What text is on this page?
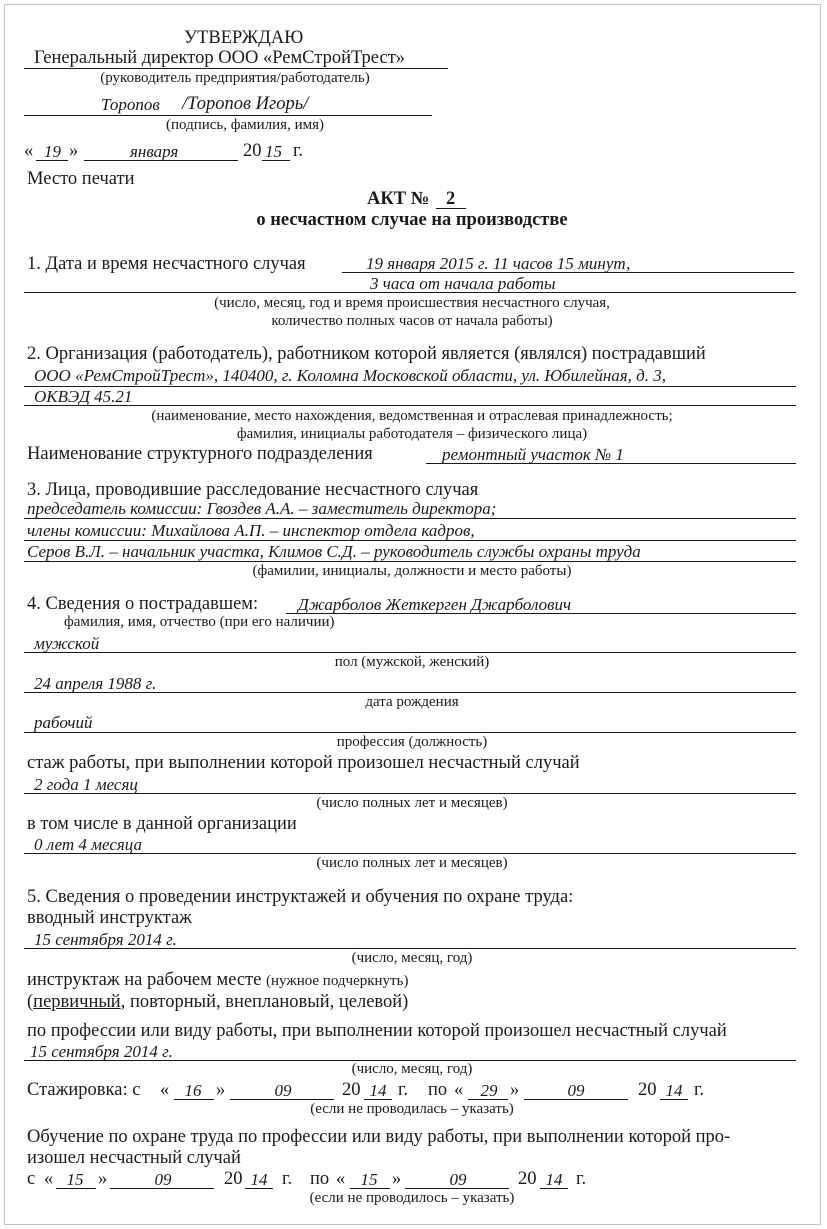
УТВЕРЖДАЮ
Генеральный директор ООО «РемСтройТрест»
(руководитель предприятия/работодатель)
Торопов /Торопов Игорь/
(подпись, фамилия, имя)
« 19 »	января	20 15 г.
Место печати
АКТ № 2
о несчастном случае на производстве
1. Дата и время несчастного случая	19 января 2015 г. 11 часов 15 минут,
3 часа от начала работы
(число, месяц, год и время происшествия несчастного случая,
количество полных часов от начала работы)
2. Организация (работодатель), работником которой является (являлся) пострадавший
ООО «РемСтройТрест», 140400, г. Коломна Московской области, ул. Юбилейная, д. 3,
ОКВЭД 45.21
(наименование, место нахождения, ведомственная и отраслевая принадлежность;
фамилия, инициалы работодателя – физического лица)
Наименование структурного подразделения	ремонтный участок № 1
3. Лица, проводившие расследование несчастного случая
председатель комиссии: Гвоздев А.А. – заместитель директора;
члены комиссии: Михайлова А.П. – инспектор отдела кадров,
Серов В.Л. – начальник участка, Климов С.Д. – руководитель службы охраны труда
(фамилии, инициалы, должности и место работы)
4. Сведения о пострадавшем: Джарболов Жеткерген Джарболович
фамилия, имя, отчество (при его наличии)
мужской
пол (мужской, женский)
24 апреля 1988 г.
дата рождения
рабочий
профессия (должность)
стаж работы, при выполнении которой произошел несчастный случай
2 года 1 месяц
(число полных лет и месяцев)
в том числе в данной организации
0 лет 4 месяца
(число полных лет и месяцев)
5. Сведения о проведении инструктажей и обучения по охране труда:
вводный инструктаж
15 сентября 2014 г.
(число, месяц, год)
инструктаж на рабочем месте (нужное подчеркнуть)
(первичный, повторный, внеплановый, целевой)
по профессии или виду работы, при выполнении которой произошел несчастный случай
15 сентября 2014 г.
(число, месяц, год)
Стажировка: с « 16 »	09	20 14 г. по « 29 »	09	20 14 г.
(если не проводилась – указать)
Обучение по охране труда по профессии или виду работы, при выполнении которой про-
изошел несчастный случай
с « 15 »	09	20 14 г. по « 15 »	09	20 14 г.
(если не проводилось – указать)
